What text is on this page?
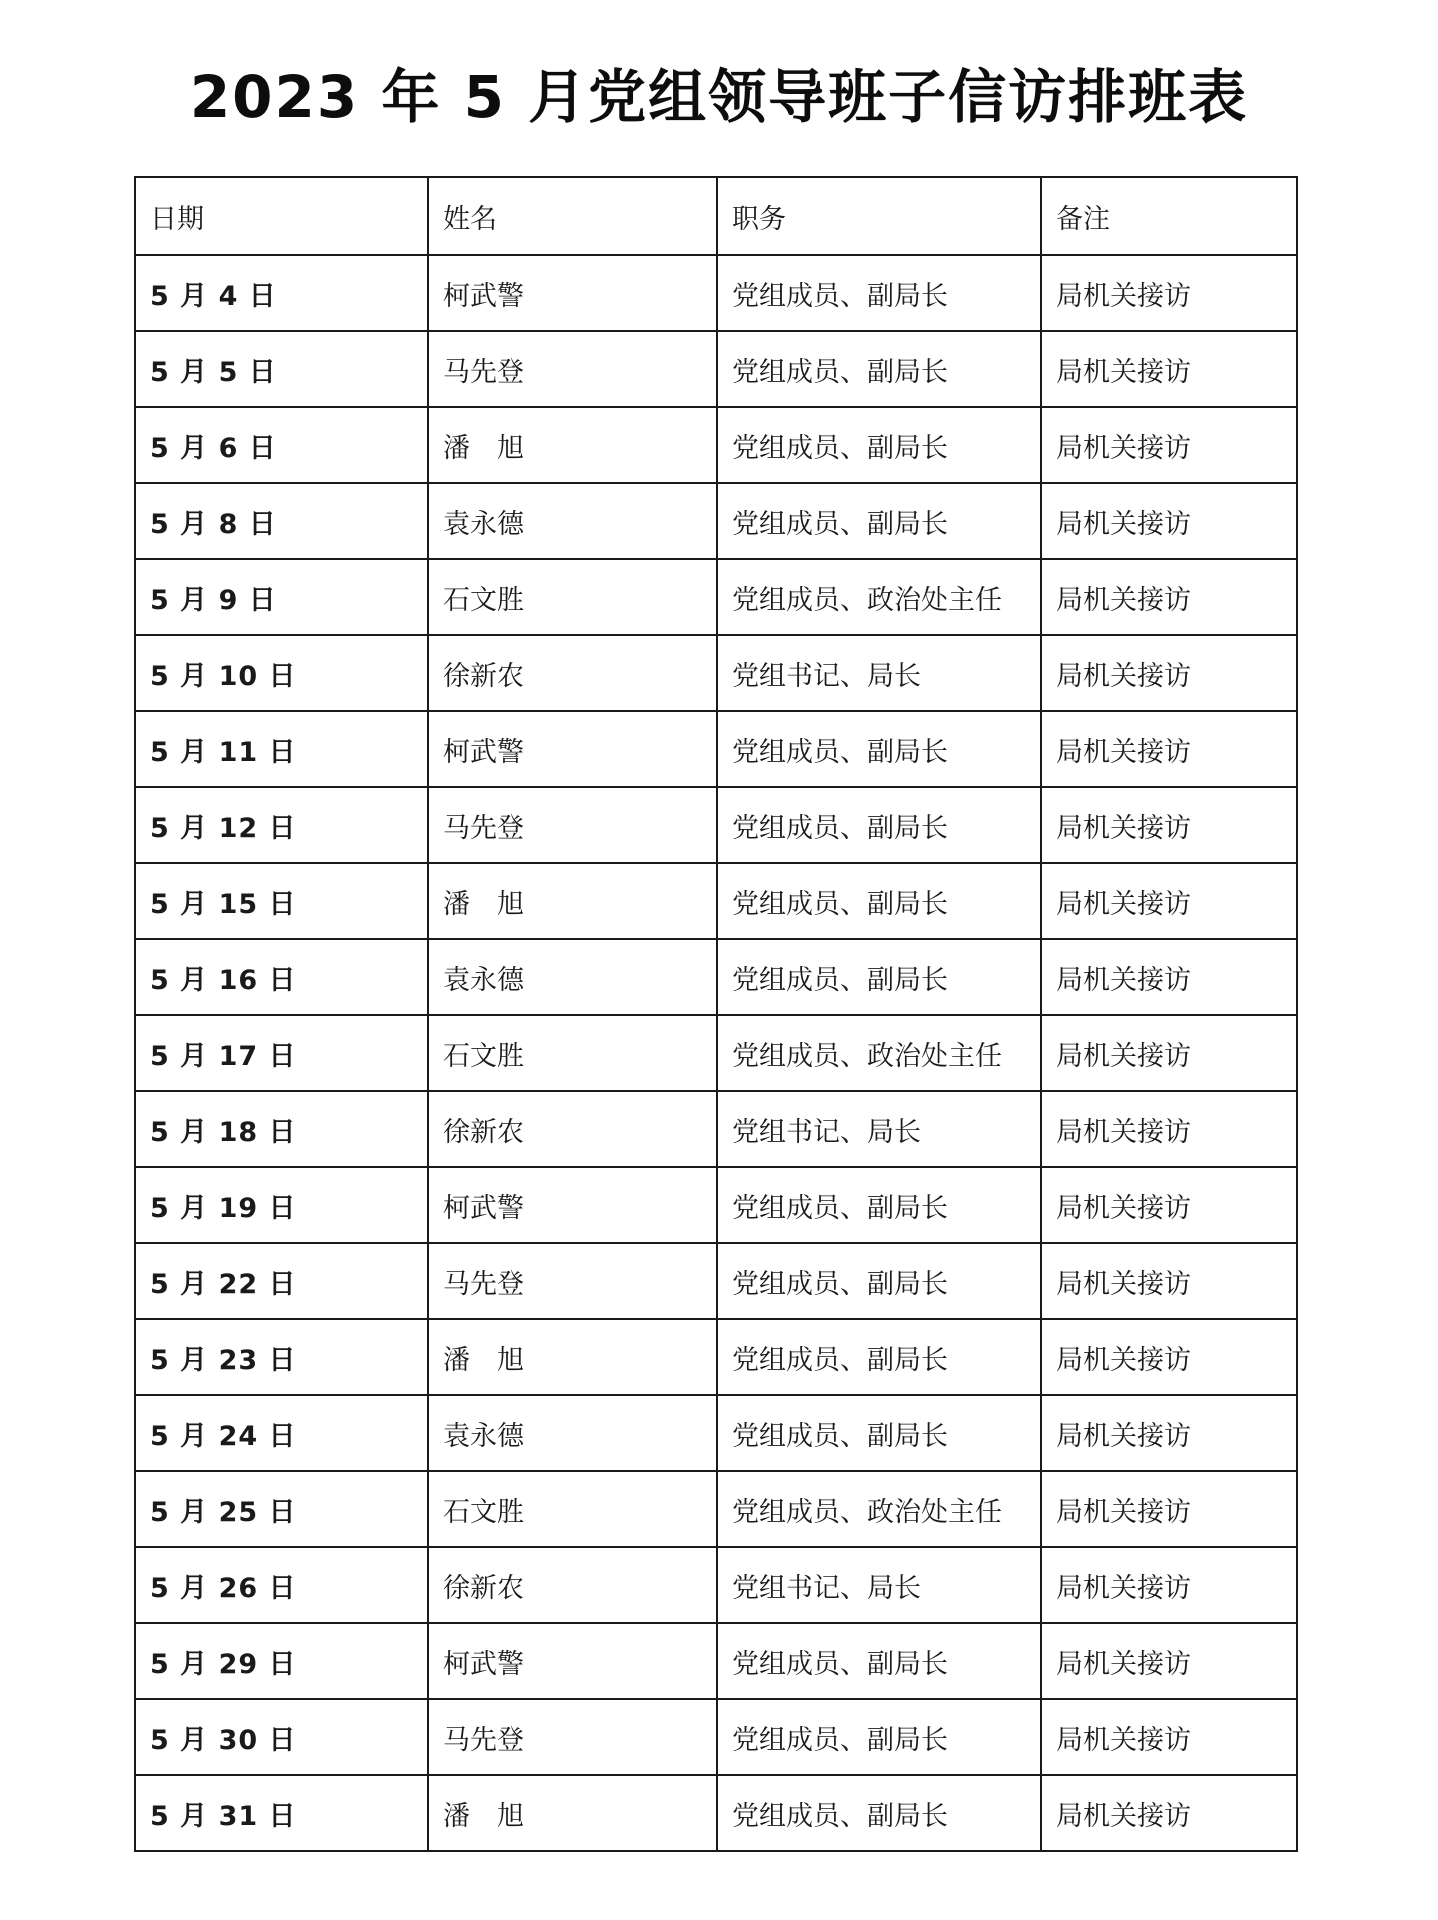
2023 年 5 月党组领导班子信访排班表
日期	姓名	职务	备注
5 月 4 日	柯武警	党组成员、副局长	局机关接访
5 月 5 日	马先登	党组成员、副局长	局机关接访
5 月 6 日	潘　旭	党组成员、副局长	局机关接访
5 月 8 日	袁永德	党组成员、副局长	局机关接访
5 月 9 日	石文胜	党组成员、政治处主任	局机关接访
5 月 10 日	徐新农	党组书记、局长	局机关接访
5 月 11 日	柯武警	党组成员、副局长	局机关接访
5 月 12 日	马先登	党组成员、副局长	局机关接访
5 月 15 日	潘　旭	党组成员、副局长	局机关接访
5 月 16 日	袁永德	党组成员、副局长	局机关接访
5 月 17 日	石文胜	党组成员、政治处主任	局机关接访
5 月 18 日	徐新农	党组书记、局长	局机关接访
5 月 19 日	柯武警	党组成员、副局长	局机关接访
5 月 22 日	马先登	党组成员、副局长	局机关接访
5 月 23 日	潘　旭	党组成员、副局长	局机关接访
5 月 24 日	袁永德	党组成员、副局长	局机关接访
5 月 25 日	石文胜	党组成员、政治处主任	局机关接访
5 月 26 日	徐新农	党组书记、局长	局机关接访
5 月 29 日	柯武警	党组成员、副局长	局机关接访
5 月 30 日	马先登	党组成员、副局长	局机关接访
5 月 31 日	潘　旭	党组成员、副局长	局机关接访
